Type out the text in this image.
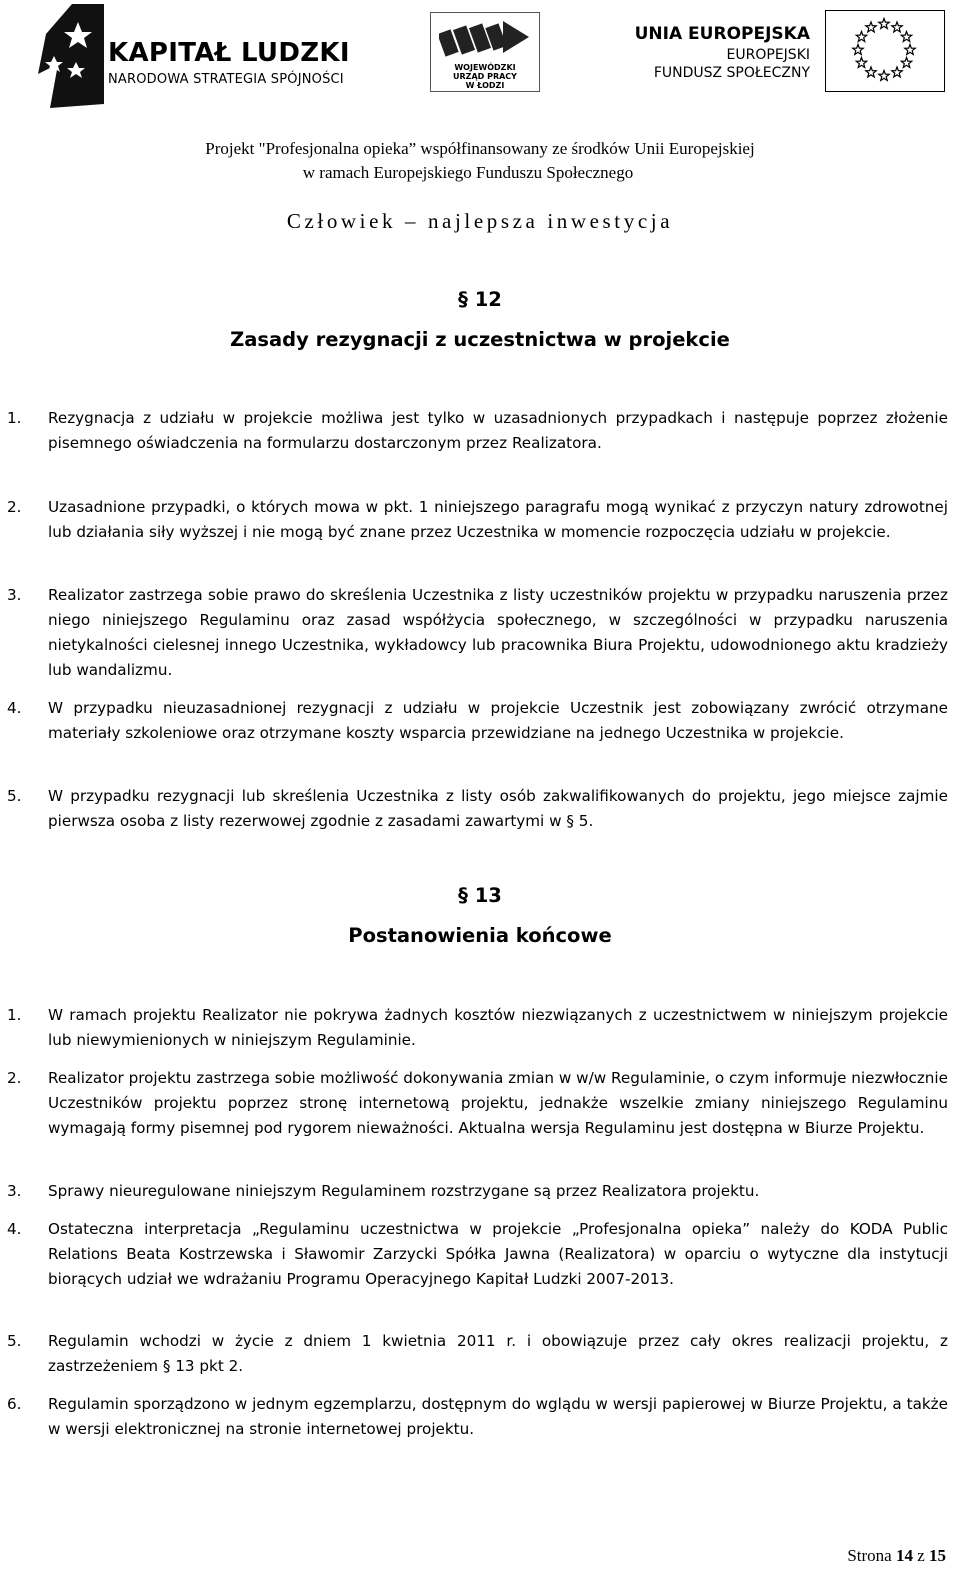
KAPITAŁ LUDZKI
NARODOWA STRATEGIA SPÓJNOŚCI
WOJEWÓDZKI
URZĄD PRACY
W ŁODZI
UNIA EUROPEJSKA
EUROPEJSKI
FUNDUSZ SPOŁECZNY
Projekt "Profesjonalna opieka” współfinansowany ze środków Unii Europejskiej
w ramach Europejskiego Funduszu Społecznego
Człowiek – najlepsza inwestycja
§ 12
Zasady rezygnacji z uczestnictwa w projekcie
1. Rezygnacja z udziału w projekcie możliwa jest tylko w uzasadnionych przypadkach i następuje poprzez złożenie pisemnego oświadczenia na formularzu dostarczonym przez Realizatora.
2. Uzasadnione przypadki, o których mowa w pkt. 1 niniejszego paragrafu mogą wynikać z przyczyn natury zdrowotnej lub działania siły wyższej i nie mogą być znane przez Uczestnika w momencie rozpoczęcia udziału w projekcie.
3. Realizator zastrzega sobie prawo do skreślenia Uczestnika z listy uczestników projektu w przypadku naruszenia przez niego niniejszego Regulaminu oraz zasad współżycia społecznego, w szczególności w przypadku naruszenia nietykalności cielesnej innego Uczestnika, wykładowcy lub pracownika Biura Projektu, udowodnionego aktu kradzieży lub wandalizmu.
4. W przypadku nieuzasadnionej rezygnacji z udziału w projekcie Uczestnik jest zobowiązany zwrócić otrzymane materiały szkoleniowe oraz otrzymane koszty wsparcia przewidziane na jednego Uczestnika w projekcie.
5. W przypadku rezygnacji lub skreślenia Uczestnika z listy osób zakwalifikowanych do projektu, jego miejsce zajmie pierwsza osoba z listy rezerwowej zgodnie z zasadami zawartymi w § 5.
§ 13
Postanowienia końcowe
1. W ramach projektu Realizator nie pokrywa żadnych kosztów niezwiązanych z uczestnictwem w niniejszym projekcie lub niewymienionych w niniejszym Regulaminie.
2. Realizator projektu zastrzega sobie możliwość dokonywania zmian w w/w Regulaminie, o czym informuje niezwłocznie Uczestników projektu poprzez stronę internetową projektu, jednakże wszelkie zmiany niniejszego Regulaminu wymagają formy pisemnej pod rygorem nieważności. Aktualna wersja Regulaminu jest dostępna w Biurze Projektu.
3. Sprawy nieuregulowane niniejszym Regulaminem rozstrzygane są przez Realizatora projektu.
4. Ostateczna interpretacja „Regulaminu uczestnictwa w projekcie „Profesjonalna opieka” należy do KODA Public Relations Beata Kostrzewska i Sławomir Zarzycki Spółka Jawna (Realizatora) w oparciu o wytyczne dla instytucji biorących udział we wdrażaniu Programu Operacyjnego Kapitał Ludzki 2007-2013.
5. Regulamin wchodzi w życie z dniem 1 kwietnia 2011 r. i obowiązuje przez cały okres realizacji projektu, z zastrzeżeniem § 13 pkt 2.
6. Regulamin sporządzono w jednym egzemplarzu, dostępnym do wglądu w wersji papierowej w Biurze Projektu, a także w wersji elektronicznej na stronie internetowej projektu.
Strona 14 z 15
